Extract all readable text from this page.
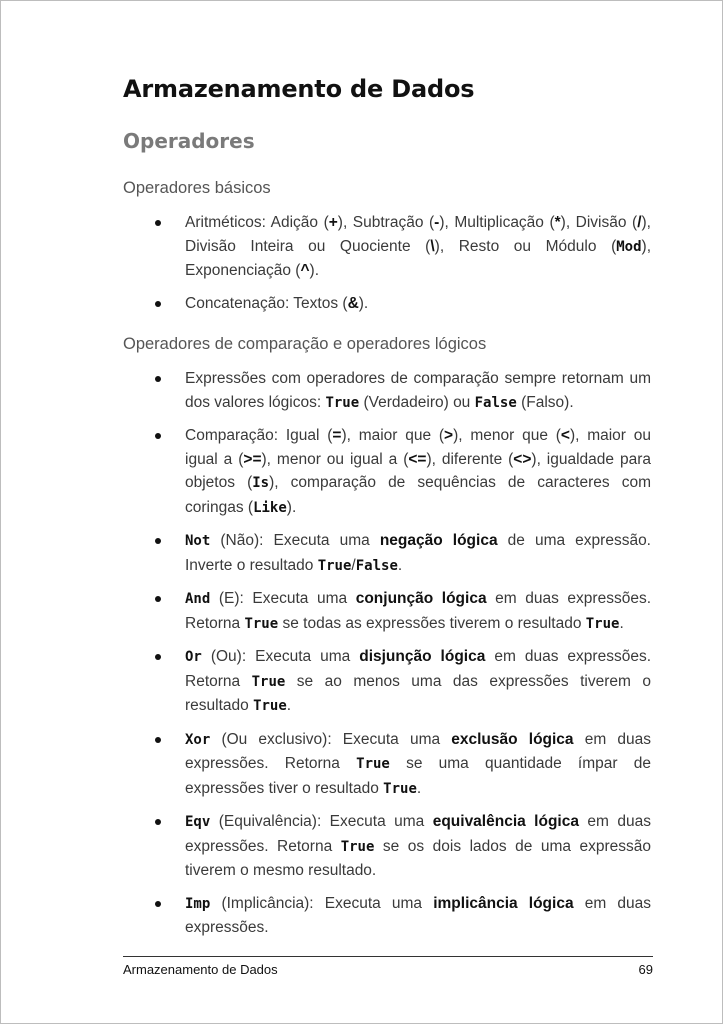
Armazenamento de Dados
Operadores
Operadores básicos
Aritméticos: Adição (+), Subtração (-), Multiplicação (*), Divisão (/), Divisão Inteira ou Quociente (\), Resto ou Módulo (Mod), Exponenciação (^).
Concatenação: Textos (&).
Operadores de comparação e operadores lógicos
Expressões com operadores de comparação sempre retornam um dos valores lógicos: True (Verdadeiro) ou False (Falso).
Comparação: Igual (=), maior que (>), menor que (<), maior ou igual a (>=), menor ou igual a (<=), diferente (<>), igualdade para objetos (Is), comparação de sequências de caracteres com coringas (Like).
Not (Não): Executa uma negação lógica de uma expressão. Inverte o resultado True/False.
And (E): Executa uma conjunção lógica em duas expressões. Retorna True se todas as expressões tiverem o resultado True.
Or (Ou): Executa uma disjunção lógica em duas expressões. Retorna True se ao menos uma das expressões tiverem o resultado True.
Xor (Ou exclusivo): Executa uma exclusão lógica em duas expressões. Retorna True se uma quantidade ímpar de expressões tiver o resultado True.
Eqv (Equivalência): Executa uma equivalência lógica em duas expressões. Retorna True se os dois lados de uma expressão tiverem o mesmo resultado.
Imp (Implicância): Executa uma implicância lógica em duas expressões.
Armazenamento de Dados	69
